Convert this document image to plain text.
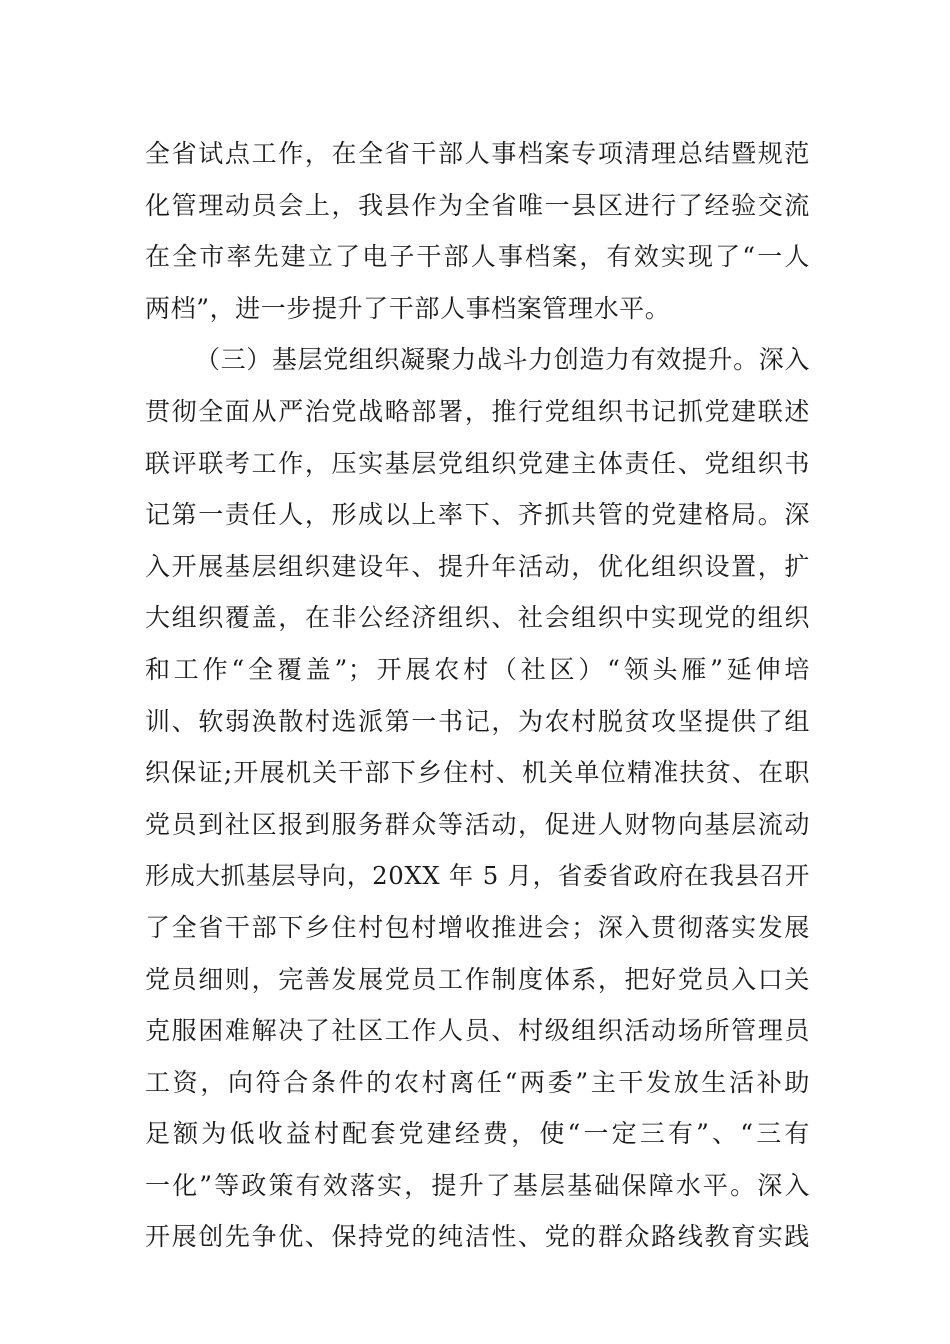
全省试点工作，在全省干部人事档案专项清理总结暨规范
化管理动员会上，我县作为全省唯一县区进行了经验交流
在全市率先建立了电子干部人事档案，有效实现了“一人
两档”，进一步提升了干部人事档案管理水平。
（三）基层党组织凝聚力战斗力创造力有效提升。深入
贯彻全面从严治党战略部署，推行党组织书记抓党建联述
联评联考工作，压实基层党组织党建主体责任、党组织书
记第一责任人，形成以上率下、齐抓共管的党建格局。深
入开展基层组织建设年、提升年活动，优化组织设置，扩
大组织覆盖，在非公经济组织、社会组织中实现党的组织
和工作“全覆盖”；开展农村（社区）“领头雁”延伸培
训、软弱涣散村选派第一书记，为农村脱贫攻坚提供了组
织保证;开展机关干部下乡住村、机关单位精准扶贫、在职
党员到社区报到服务群众等活动，促进人财物向基层流动
形成大抓基层导向，20XX 年 5 月，省委省政府在我县召开
了全省干部下乡住村包村增收推进会；深入贯彻落实发展
党员细则，完善发展党员工作制度体系，把好党员入口关
克服困难解决了社区工作人员、村级组织活动场所管理员
工资，向符合条件的农村离任“两委”主干发放生活补助
足额为低收益村配套党建经费，使“一定三有”、“三有
一化”等政策有效落实，提升了基层基础保障水平。深入
开展创先争优、保持党的纯洁性、党的群众路线教育实践
